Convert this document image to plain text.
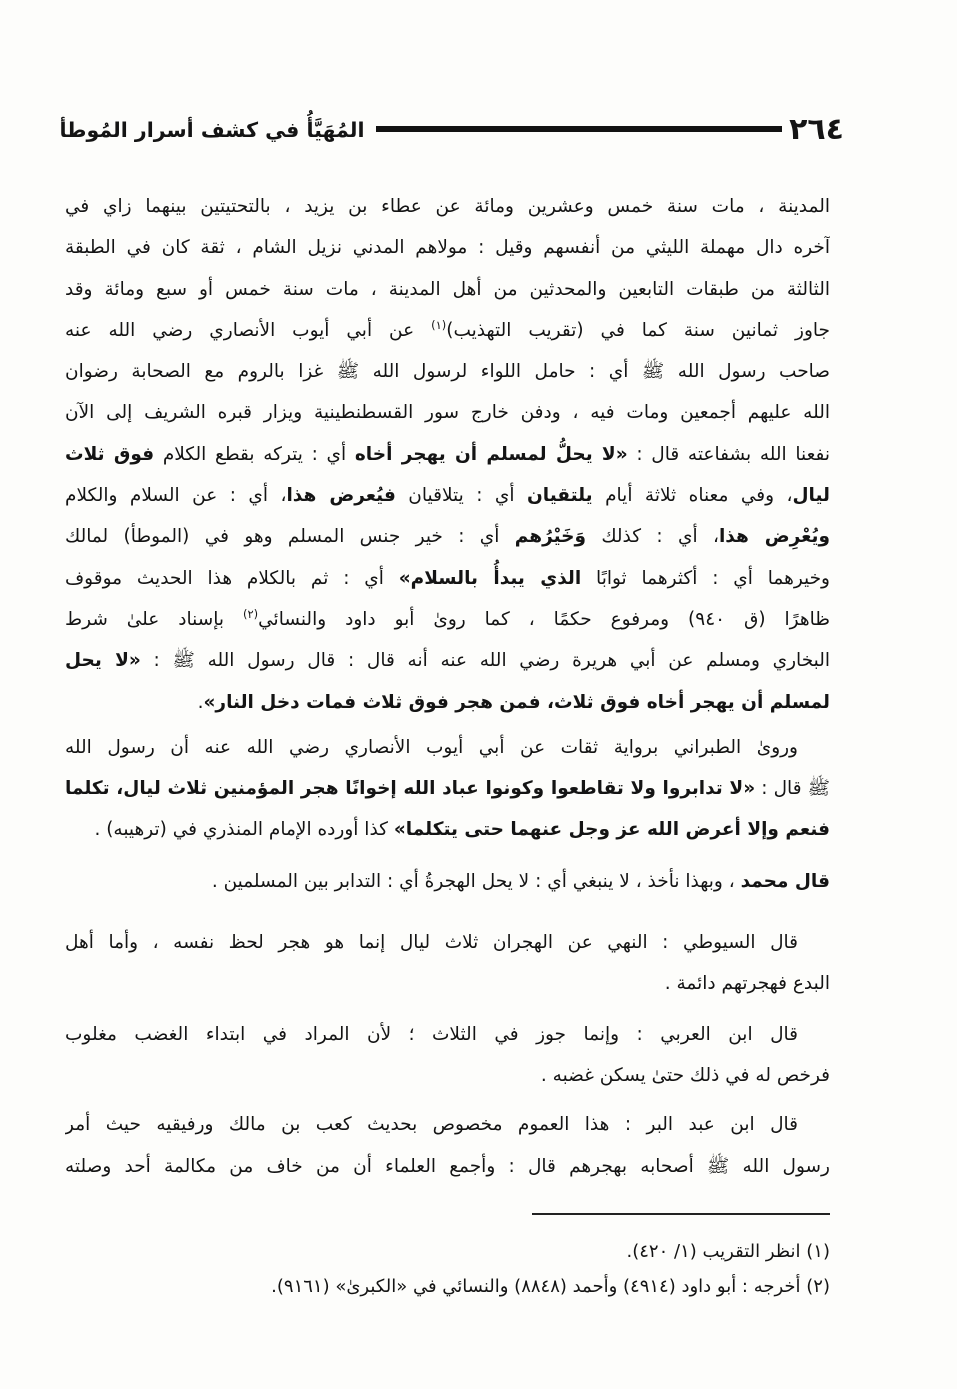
٢٦٤
المُهَيَّأُ في كشف أسرار المُوطأ
المدينة ، مات سنة خمس وعشرين ومائة عن عطاء بن يزيد ، بالتحتيتين بينهما زاي في
آخره دال مهملة الليثي من أنفسهم وقيل : مولاهم المدني نزيل الشام ، ثقة كان في الطبقة
الثالثة من طبقات التابعين والمحدثين من أهل المدينة ، مات سنة خمس أو سبع ومائة وقد
جاوز ثمانين سنة كما في (تقريب التهذيب)$^{(١)}$ عن أبي أيوب الأنصاري رضي الله عنه
صاحب رسول الله ﷺ أي : حامل اللواء لرسول الله ﷺ غزا بالروم مع الصحابة رضوان
الله عليهم أجمعين ومات فيه ، ودفن خارج سور القسطنطينية ويزار قبره الشريف إلى الآن
نفعنا الله بشفاعته قال : «لا يحلُّ لمسلم أن يهجر أخاه أي : يتركه بقطع الكلام فوق ثلاث
ليال، وفي معناه ثلاثة أيام يلتقيان أي : يتلاقيان فيُعرض هذا، أي : عن السلام والكلام
ويُعْرِض هذا، أي : كذلك وَخَيْرُهم أي : خير جنس المسلم وهو في (الموطأ) لمالك
وخيرهما أي : أكثرهما ثوابًا الذي يبدأُ بالسلام» أي : ثم بالكلام هذا الحديث موقوف
ظاهرًا (ق ٩٤٠) ومرفوع حكمًا ، كما روىٰ أبو داود والنسائي$^{(٢)}$ بإسناد علىٰ شرط
البخاري ومسلم عن أبي هريرة رضي الله عنه أنه قال : قال رسول الله ﷺ : «لا يحل
لمسلم أن يهجر أخاه فوق ثلاث، فمن هجر فوق ثلاث فمات دخل النار».
وروىٰ الطبراني برواية ثقات عن أبي أيوب الأنصاري رضي الله عنه أن رسول الله
ﷺ قال : «لا تدابروا ولا تقاطعوا وكونوا عباد الله إخوانًا هجر المؤمنين ثلاث ليال، تكلما
فنعم وإلا أعرض الله عز وجل عنهما حتى يتكلما» كذا أورده الإمام المنذري في (ترهيبه) .
قال محمد ، وبهذا نأخذ ، لا ينبغي أي : لا يحل الهجرةُ أي : التدابر بين المسلمين .
قال السيوطي : النهي عن الهجران ثلاث ليال إنما هو هجر لحظ نفسه ، وأما أهل
البدع فهجرتهم دائمة .
قال ابن العربي : وإنما جوز في الثلاث ؛ لأن المراد في ابتداء الغضب مغلوب
فرخص له في ذلك حتىٰ يسكن غضبه .
قال ابن عبد البر : هذا العموم مخصوص بحديث كعب بن مالك ورفيقيه حيث أمر
رسول الله ﷺ أصحابه بهجرهم قال : وأجمع العلماء أن من خاف من مكالمة أحد وصلته
(١) انظر التقريب (١/ ٤٢٠).
(٢) أخرجه : أبو داود (٤٩١٤) وأحمد (٨٨٤٨) والنسائي في «الكبرىٰ» (٩١٦١).
